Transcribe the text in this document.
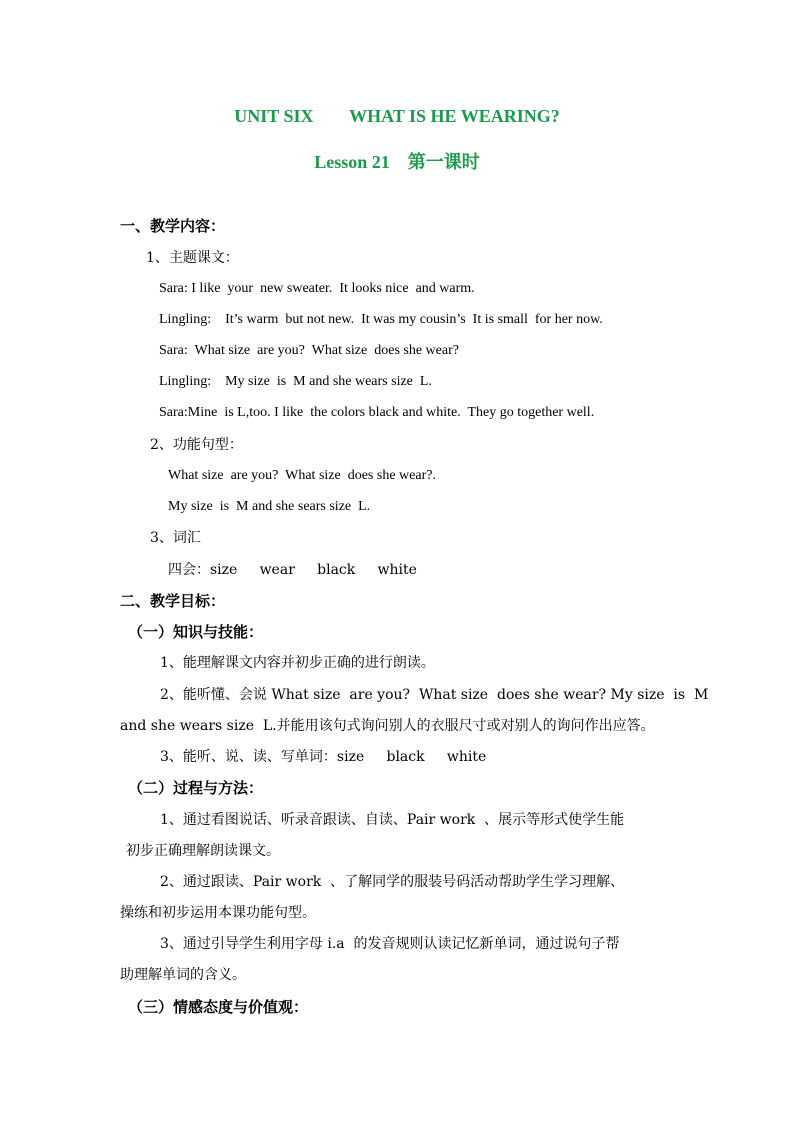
UNIT SIX        WHAT IS HE WEARING?
Lesson 21    第一课时
一、教学内容：
1、主题课文：
Sara: I like  your  new sweater.  It looks nice  and warm.
Lingling:    It’s warm  but not new.  It was my cousin’s  It is small  for her now.
Sara:  What size  are you?  What size  does she wear?
Lingling:    My size  is  M and she wears size  L.
Sara:Mine  is L,too. I like  the colors black and white.  They go together well.
2、功能句型：
What size  are you?  What size  does she wear?.
My size  is  M and she sears size  L.
3、词汇
四会：size     wear     black     white
二、教学目标：
（一）知识与技能：
1、能理解课文内容并初步正确的进行朗读。
2、能听懂、会说 What size  are you?  What size  does she wear? My size  is  M
and she wears size  L.并能用该句式询问别人的衣服尺寸或对别人的询问作出应答。
3、能听、说、读、写单词：size     black     white
（二）过程与方法：
1、通过看图说话、听录音跟读、自读、Pair work  、展示等形式使学生能
初步正确理解朗读课文。
2、通过跟读、Pair work  、了解同学的服装号码活动帮助学生学习理解、
操练和初步运用本课功能句型。
3、通过引导学生利用字母 i.a  的发音规则认读记忆新单词，通过说句子帮
助理解单词的含义。
（三）情感态度与价值观：
